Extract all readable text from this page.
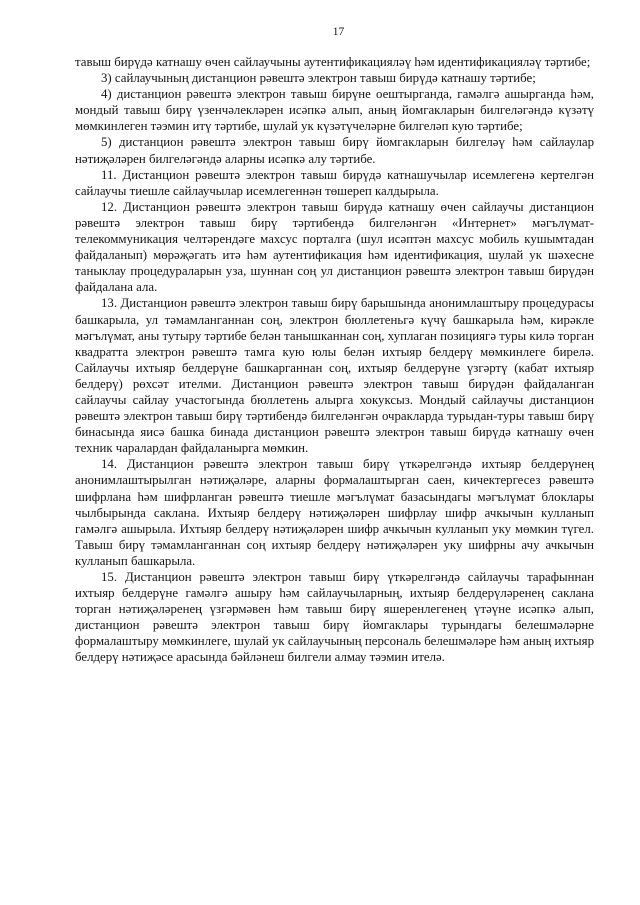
17

тавыш бирүдә катнашу өчен сайлаучыны аутентификацияләү һәм идентификацияләү тәртибе;

3) сайлаучының дистанцион рәвештә электрон тавыш бирүдә катнашу тәртибе;

4) дистанцион рәвештә электрон тавыш бирүне оештырганда, гамәлгә ашырганда һәм, мондый тавыш бирү үзенчәлекләрен исәпкә алып, аның йомгакларын билгеләгәндә күзәтү мөмкинлеген тәэмин итү тәртибе, шулай ук күзәтүчеләрне билгеләп кую тәртибе;

5) дистанцион рәвештә электрон тавыш бирү йомгакларын билгеләү һәм сайлаулар нәтиҗәләрен билгеләгәндә аларны исәпкә алу тәртибе.

11. Дистанцион рәвештә электрон тавыш бирүдә катнашучылар исемлегенә кертелгән сайлаучы тиешле сайлаучылар исемлегеннән төшереп калдырыла.

12. Дистанцион рәвештә электрон тавыш бирүдә катнашу өчен сайлаучы дистанцион рәвештә электрон тавыш бирү тәртибендә билгеләнгән «Интернет» мәгълүмат-телекоммуникация челтәрендәге махсус порталга (шул исәптән махсус мобиль кушымтадан файдаланып) мөрәҗәгать итә һәм аутентификация һәм идентификация, шулай ук шәхесне таныклау процедураларын уза, шуннан соң ул дистанцион рәвештә электрон тавыш бирүдән файдалана ала.

13. Дистанцион рәвештә электрон тавыш бирү барышында анонимлаштыру процедурасы башкарыла, ул тәмамланганнан соң, электрон бюллетеньгә күчү башкарыла һәм, кирәкле мәгълүмат, аны тутыру тәртибе белән танышканнан соң, хуплаган позициягә туры килә торган квадратта электрон рәвештә тамга кую юлы белән ихтыяр белдерү мөмкинлеге бирелә. Сайлаучы ихтыяр белдерүне башкарганнан соң, ихтыяр белдерүне үзгәртү (кабат ихтыяр белдерү) рөхсәт ителми. Дистанцион рәвештә электрон тавыш бирүдән файдаланган сайлаучы сайлау участогында бюллетень алырга хокуксыз. Мондый сайлаучы дистанцион рәвештә электрон тавыш бирү тәртибендә билгеләнгән очракларда турыдан-туры тавыш бирү бинасында яисә башка бинада дистанцион рәвештә электрон тавыш бирүдә катнашу өчен техник чаралардан файдаланырга мөмкин.

14. Дистанцион рәвештә электрон тавыш бирү үткәрелгәндә ихтыяр белдерүнең анонимлаштырылган нәтиҗәләре, аларны формалаштырган саен, кичектергесез рәвештә шифрлана һәм шифрланган рәвештә тиешле мәгълүмат базасындагы мәгълүмат блоклары чылбырында саклана. Ихтыяр белдерү нәтиҗәләрен шифрлау шифр ачкычын кулланып гамәлгә ашырыла. Ихтыяр белдерү нәтиҗәләрен шифр ачкычын кулланып уку мөмкин түгел. Тавыш бирү тәмамланганнан соң ихтыяр белдерү нәтиҗәләрен уку шифрны ачу ачкычын кулланып башкарыла.

15. Дистанцион рәвештә электрон тавыш бирү үткәрелгәндә сайлаучы тарафыннан ихтыяр белдерүне гамәлгә ашыру һәм сайлаучыларның, ихтыяр белдерүләренең саклана торган нәтиҗәләренең үзгәрмәвен һәм тавыш бирү яшеренлегенең үтәүне исәпкә алып, дистанцион рәвештә электрон тавыш бирү йомгаклары турындагы белешмәләрне формалаштыру мөмкинлеге, шулай ук сайлаучының персональ белешмәләре һәм аның ихтыяр белдерү нәтиҗәсе арасында бәйләнеш билгели алмау тәэмин ителә.
